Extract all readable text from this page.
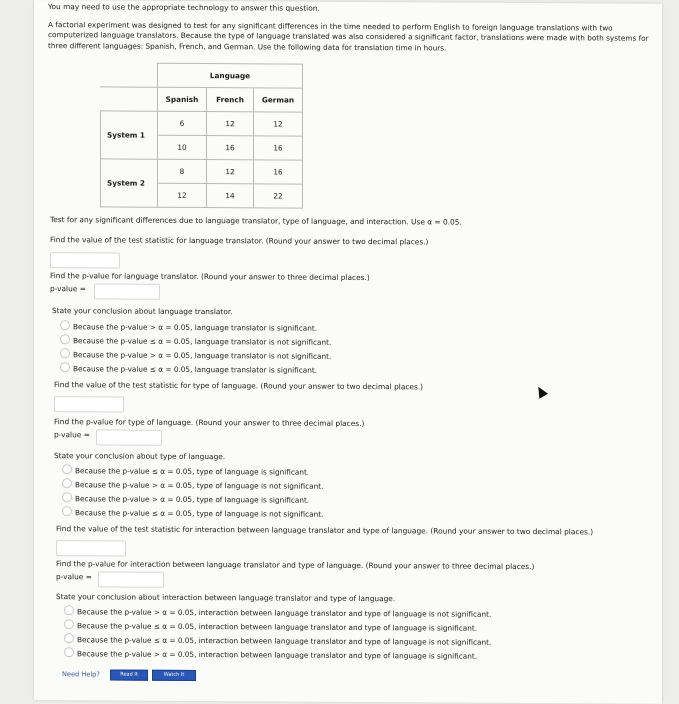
You may need to use the appropriate technology to answer this question.
A factorial experiment was designed to test for any significant differences in the time needed to perform English to foreign language translations with two computerized language translators. Because the type of language translated was also considered a significant factor, translations were made with both systems for three different languages: Spanish, French, and German. Use the following data for translation time in hours.
	Language		
	Spanish	French	German
System 1	6	12	12
	10	16	16
System 2	8	12	16
	12	14	22
Test for any significant differences due to language translator, type of language, and interaction. Use α = 0.05.
Find the value of the test statistic for language translator. (Round your answer to two decimal places.)
Find the p-value for language translator. (Round your answer to three decimal places.)
p-value =
State your conclusion about language translator.
Because the p-value > α = 0.05, language translator is significant.
Because the p-value ≤ α = 0.05, language translator is not significant.
Because the p-value > α = 0.05, language translator is not significant.
Because the p-value ≤ α = 0.05, language translator is significant.
Find the value of the test statistic for type of language. (Round your answer to two decimal places.)
Find the p-value for type of language. (Round your answer to three decimal places.)
p-value =
State your conclusion about type of language.
Because the p-value ≤ α = 0.05, type of language is significant.
Because the p-value > α = 0.05, type of language is not significant.
Because the p-value > α = 0.05, type of language is significant.
Because the p-value ≤ α = 0.05, type of language is not significant.
Find the value of the test statistic for interaction between language translator and type of language. (Round your answer to two decimal places.)
Find the p-value for interaction between language translator and type of language. (Round your answer to three decimal places.)
p-value =
State your conclusion about interaction between language translator and type of language.
Because the p-value > α = 0.05, interaction between language translator and type of language is not significant.
Because the p-value ≤ α = 0.05, interaction between language translator and type of language is significant.
Because the p-value ≤ α = 0.05, interaction between language translator and type of language is not significant.
Because the p-value > α = 0.05, interaction between language translator and type of language is significant.
Need Help?	Read It	Watch It
